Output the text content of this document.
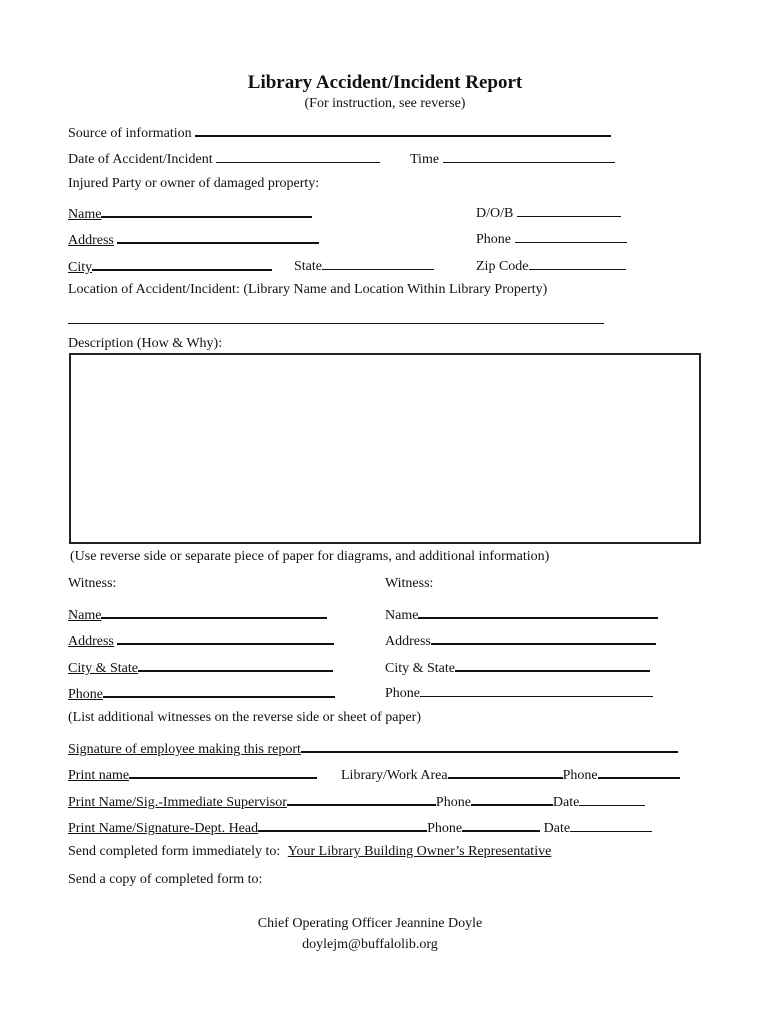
Library Accident/Incident Report
(For instruction, see reverse)
Source of information
Date of Accident/Incident	Time
Injured Party or owner of damaged property:
Name	D/O/B
Address	Phone
City	State	Zip Code
Location of Accident/Incident: (Library Name and Location Within Library Property)
Description (How & Why):
(Use reverse side or separate piece of paper for diagrams, and additional information)
Witness:
Name
Address
City & State
Phone
Witness:
Name
Address
City & State
Phone
(List additional witnesses on the reverse side or sheet of paper)
Signature of employee making this report
Print name	Library/Work Area	Phone
Print Name/Sig.-Immediate Supervisor	Phone	Date
Print Name/Signature-Dept. Head	Phone	Date
Send completed form immediately to: Your Library Building Owner’s Representative
Send a copy of completed form to:
Chief Operating Officer Jeannine Doyle
doylejm@buffalolib.org
